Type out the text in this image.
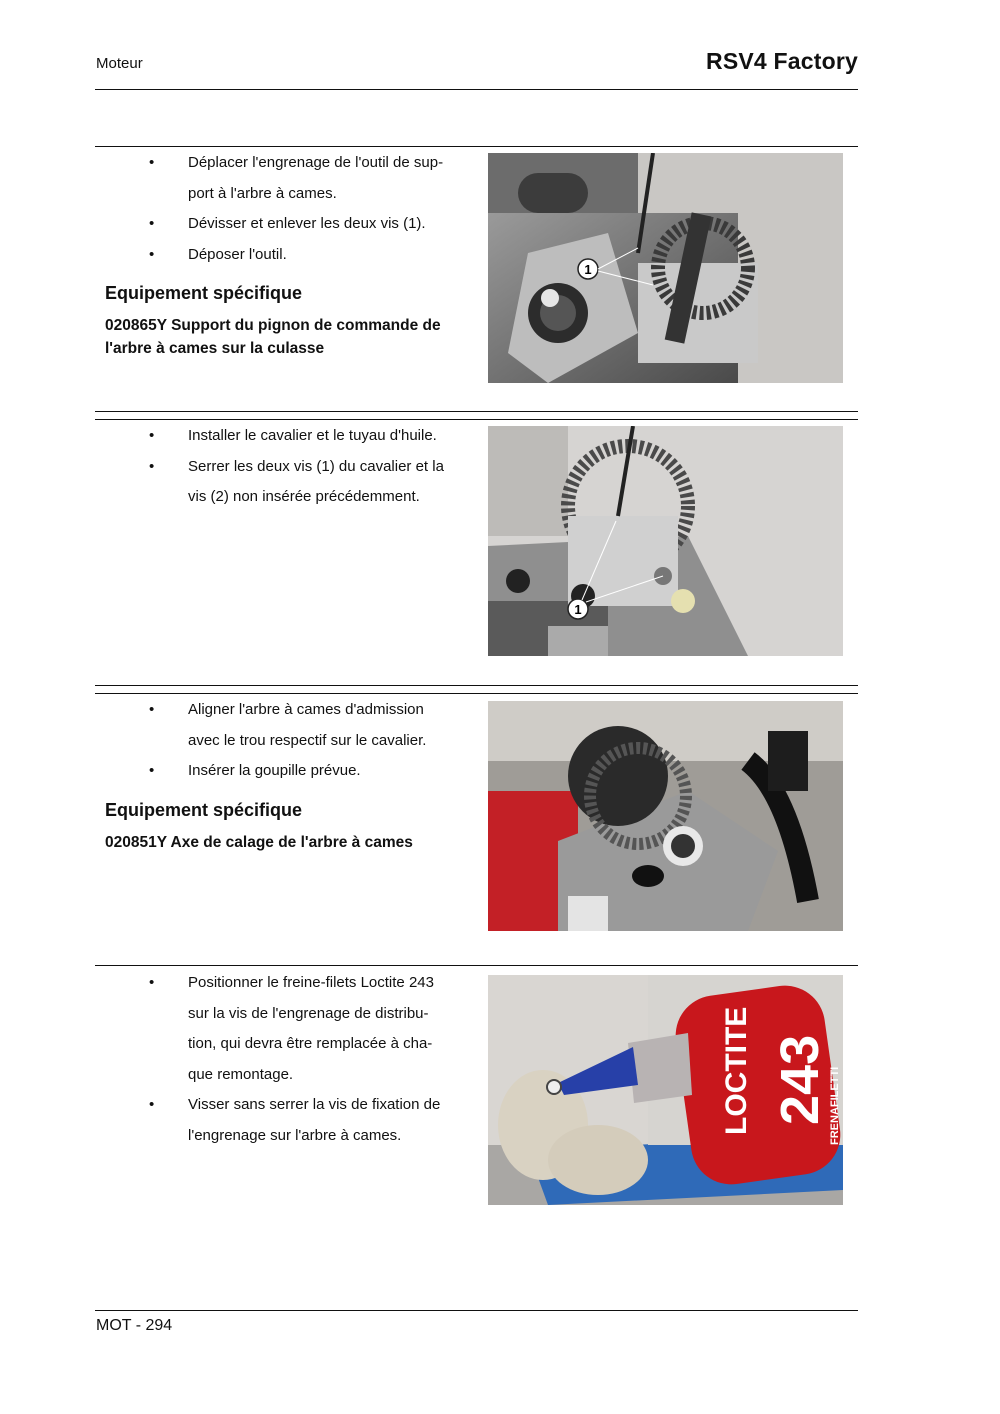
Moteur	RSV4 Factory
• Déplacer l'engrenage de l'outil de sup-
port à l'arbre à cames.
• Dévisser et enlever les deux vis (1).
• Déposer l'outil.
Equipement spécifique
020865Y Support du pignon de commande de l'arbre à cames sur la culasse
1
• Installer le cavalier et le tuyau d'huile.
• Serrer les deux vis (1) du cavalier et la
vis (2) non insérée précédemment.
1
• Aligner l'arbre à cames d'admission
avec le trou respectif sur le cavalier.
• Insérer la goupille prévue.
Equipement spécifique
020851Y Axe de calage de l'arbre à cames
• Positionner le freine-filets Loctite 243
sur la vis de l'engrenage de distribu-
tion, qui devra être remplacée à cha-
que remontage.
• Visser sans serrer la vis de fixation de
l'engrenage sur l'arbre à cames.	LOCTITE 243 FRENAFILETTI
MOT - 294
